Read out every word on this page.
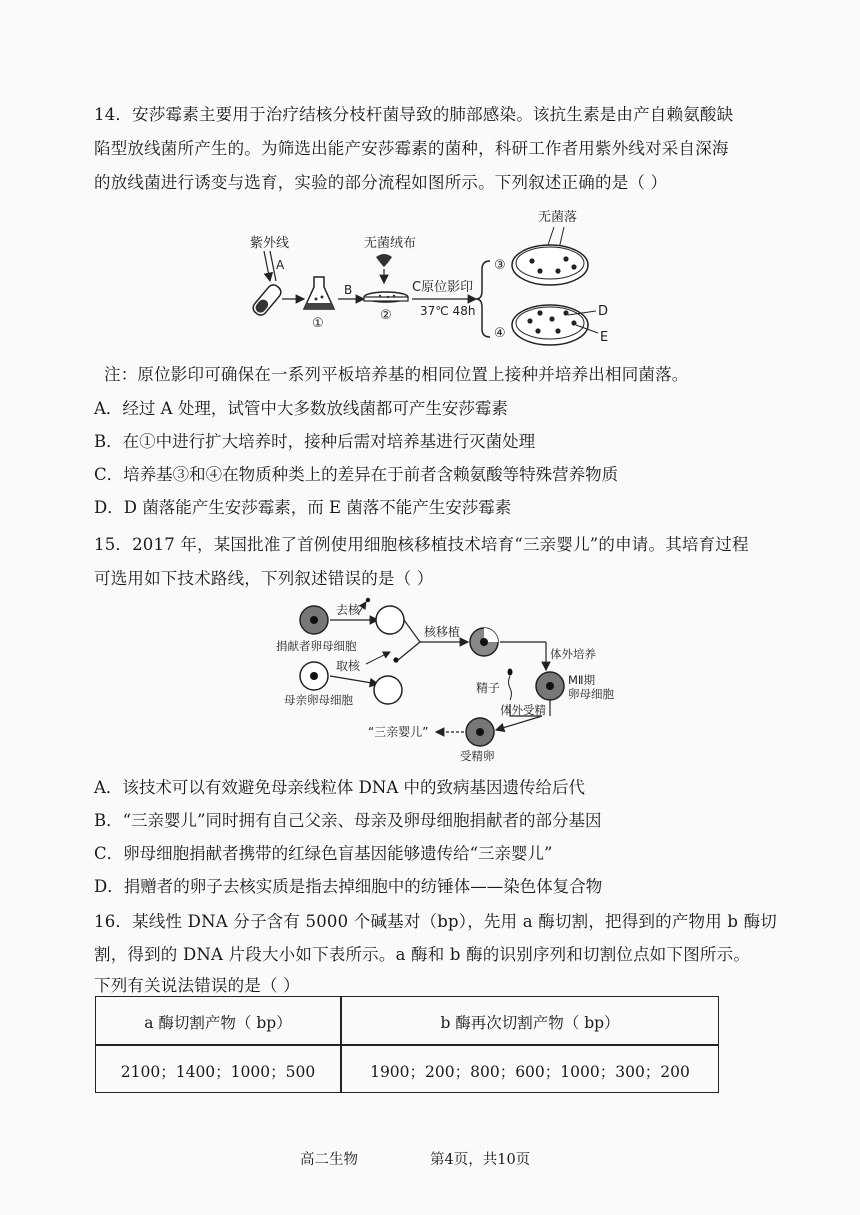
14．安莎霉素主要用于治疗结核分枝杆菌导致的肺部感染。该抗生素是由产自赖氨酸缺
陷型放线菌所产生的。为筛选出能产安莎霉素的菌种，科研工作者用紫外线对采自深海
的放线菌进行诱变与选育，实验的部分流程如图所示。下列叙述正确的是（ ）
紫外线
A
①
B
无菌绒布
②
C原位影印
37℃ 48h
③
无菌落
④
D
E
注：原位影印可确保在一系列平板培养基的相同位置上接种并培养出相同菌落。
A．经过 A 处理，试管中大多数放线菌都可产生安莎霉素
B．在①中进行扩大培养时，接种后需对培养基进行灭菌处理
C．培养基③和④在物质种类上的差异在于前者含赖氨酸等特殊营养物质
D．D 菌落能产生安莎霉素，而 E 菌落不能产生安莎霉素
15．2017 年，某国批准了首例使用细胞核移植技术培育“三亲婴儿”的申请。其培育过程
可选用如下技术路线，下列叙述错误的是（ ）
捐献者卵母细胞
去核
母亲卵母细胞
取核
核移植
体外培养
MⅡ期
卵母细胞
精子
体外受精
受精卵
“三亲婴儿”
A．该技术可以有效避免母亲线粒体 DNA 中的致病基因遗传给后代
B．“三亲婴儿”同时拥有自己父亲、母亲及卵母细胞捐献者的部分基因
C．卵母细胞捐献者携带的红绿色盲基因能够遗传给“三亲婴儿”
D．捐赠者的卵子去核实质是指去掉细胞中的纺锤体——染色体复合物
16．某线性 DNA 分子含有 5000 个碱基对（bp），先用 a 酶切割，把得到的产物用 b 酶切
割，得到的 DNA 片段大小如下表所示。a 酶和 b 酶的识别序列和切割位点如下图所示。
下列有关说法错误的是（ ）
a 酶切割产物（ bp）	b 酶再次切割产物（ bp）
2100；1400；1000；500	1900；200；800；600；1000；300；200
高二生物	第4页，共10页
